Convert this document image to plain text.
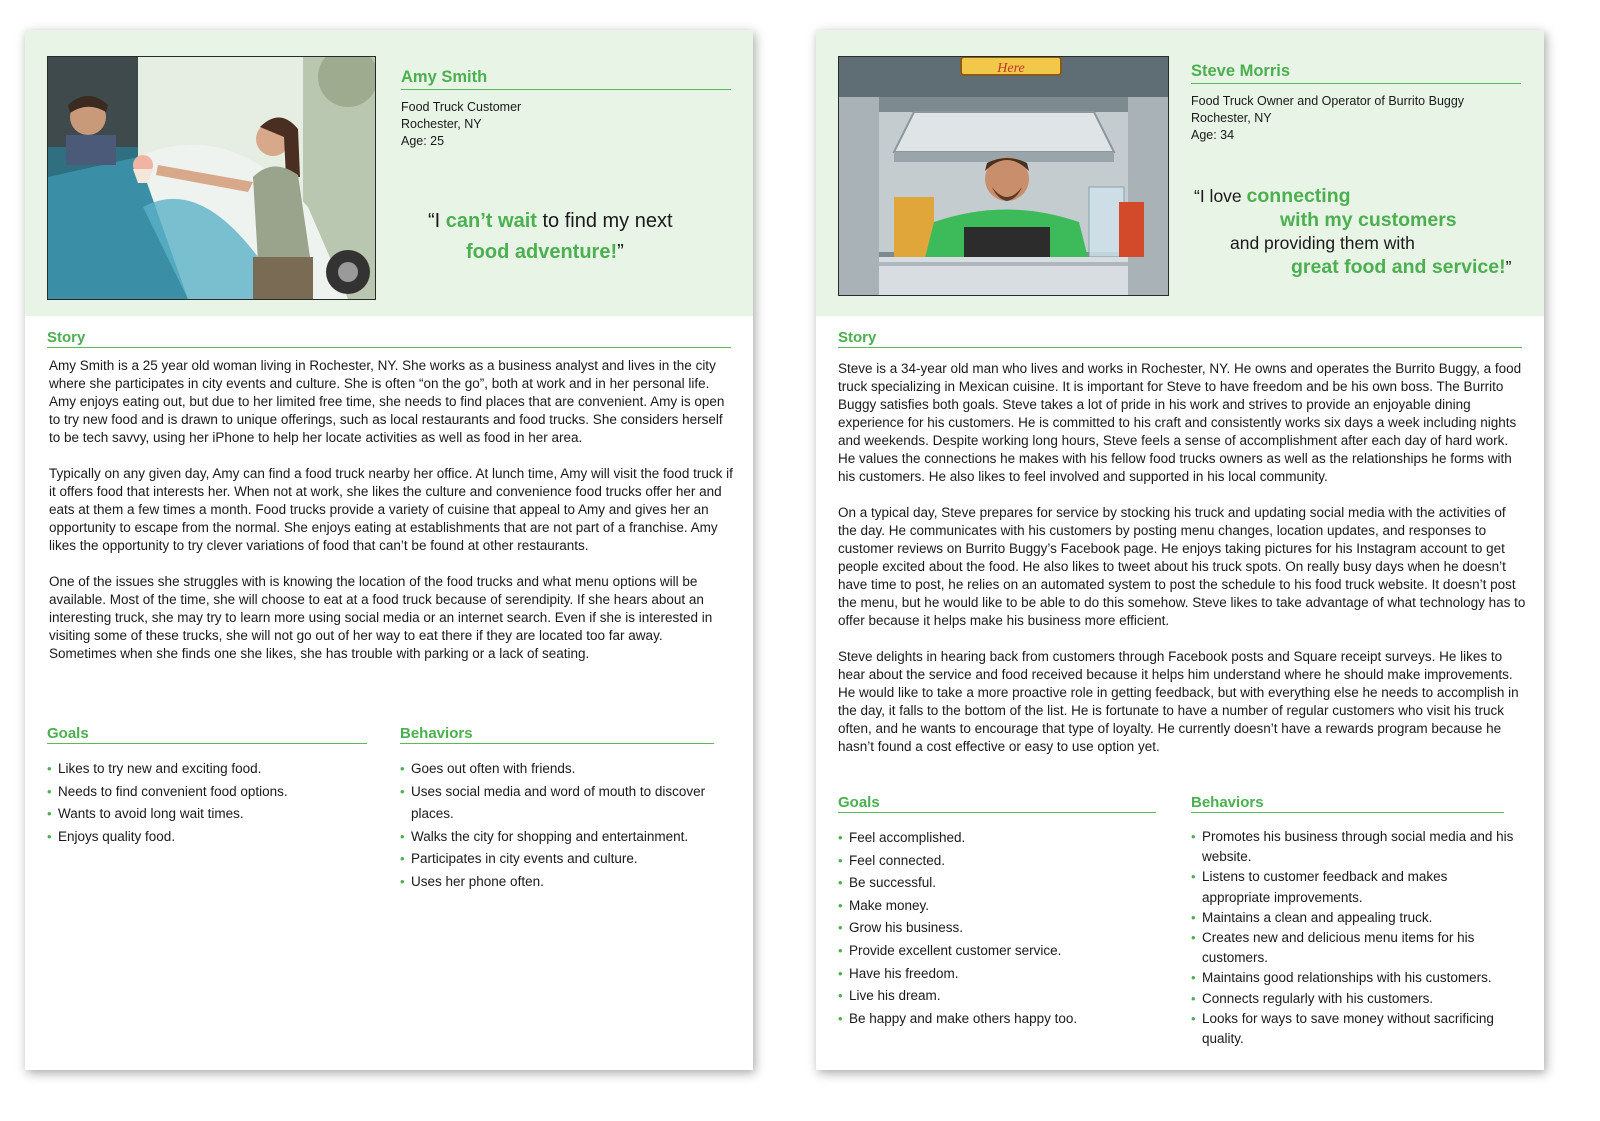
Amy Smith
Food Truck Customer
Rochester, NY
Age: 25
“I can’t wait to find my next
food adventure!”
Story

Amy Smith is a 25 year old woman living in Rochester, NY. She works as a business analyst and lives in the city where she participates in city events and culture. She is often “on the go”, both at work and in her personal life. Amy enjoys eating out, but due to her limited free time, she needs to find places that are convenient. Amy is open to try new food and is drawn to unique offerings, such as local restaurants and food trucks. She considers herself to be tech savvy, using her iPhone to help her locate activities as well as food in her area.

Typically on any given day, Amy can find a food truck nearby her office. At lunch time, Amy will visit the food truck if it offers food that interests her. When not at work, she likes the culture and convenience food trucks offer her and eats at them a few times a month. Food trucks provide a variety of cuisine that appeal to Amy and gives her an opportunity to escape from the normal. She enjoys eating at establishments that are not part of a franchise. Amy likes the opportunity to try clever variations of food that can’t be found at other restaurants.

One of the issues she struggles with is knowing the location of the food trucks and what menu options will be available. Most of the time, she will choose to eat at a food truck because of serendipity. If she hears about an interesting truck, she may try to learn more using social media or an internet search. Even if she is interested in visiting some of these trucks, she will not go out of her way to eat there if they are located too far away. Sometimes when she finds one she likes, she has trouble with parking or a lack of seating.

Goals
• Likes to try new and exciting food.
• Needs to find convenient food options.
• Wants to avoid long wait times.
• Enjoys quality food.
Behaviors
• Goes out often with friends.
• Uses social media and word of mouth to discover places.
• Walks the city for shopping and entertainment.
• Participates in city events and culture.
• Uses her phone often.
Here	Steve Morris
Food Truck Owner and Operator of Burrito Buggy
Rochester, NY
Age: 34
“I love connecting
with my customers
and providing them with
great food and service!”
Story

Steve is a 34-year old man who lives and works in Rochester, NY. He owns and operates the Burrito Buggy, a food truck specializing in Mexican cuisine. It is important for Steve to have freedom and be his own boss. The Burrito Buggy satisfies both goals. Steve takes a lot of pride in his work and strives to provide an enjoyable dining experience for his customers. He is committed to his craft and consistently works six days a week including nights and weekends. Despite working long hours, Steve feels a sense of accomplishment after each day of hard work. He values the connections he makes with his fellow food trucks owners as well as the relationships he forms with his customers. He also likes to feel involved and supported in his local community.

On a typical day, Steve prepares for service by stocking his truck and updating social media with the activities of the day. He communicates with his customers by posting menu changes, location updates, and responses to customer reviews on Burrito Buggy’s Facebook page. He enjoys taking pictures for his Instagram account to get people excited about the food. He also likes to tweet about his truck spots. On really busy days when he doesn’t have time to post, he relies on an automated system to post the schedule to his food truck website. It doesn’t post the menu, but he would like to be able to do this somehow. Steve likes to take advantage of what technology has to offer because it helps make his business more efficient.

Steve delights in hearing back from customers through Facebook posts and Square receipt surveys. He likes to hear about the service and food received because it helps him understand where he should make improvements. He would like to take a more proactive role in getting feedback, but with everything else he needs to accomplish in the day, it falls to the bottom of the list. He is fortunate to have a number of regular customers who visit his truck often, and he wants to encourage that type of loyalty. He currently doesn’t have a rewards program because he hasn’t found a cost effective or easy to use option yet.

Goals
• Feel accomplished.
• Feel connected.
• Be successful.
• Make money.
• Grow his business.
• Provide excellent customer service.
• Have his freedom.
• Live his dream.
• Be happy and make others happy too.
Behaviors
• Promotes his business through social media and his website.
• Listens to customer feedback and makes appropriate improvements.
• Maintains a clean and appealing truck.
• Creates new and delicious menu items for his customers.
• Maintains good relationships with his customers.
• Connects regularly with his customers.
• Looks for ways to save money without sacrificing quality.
